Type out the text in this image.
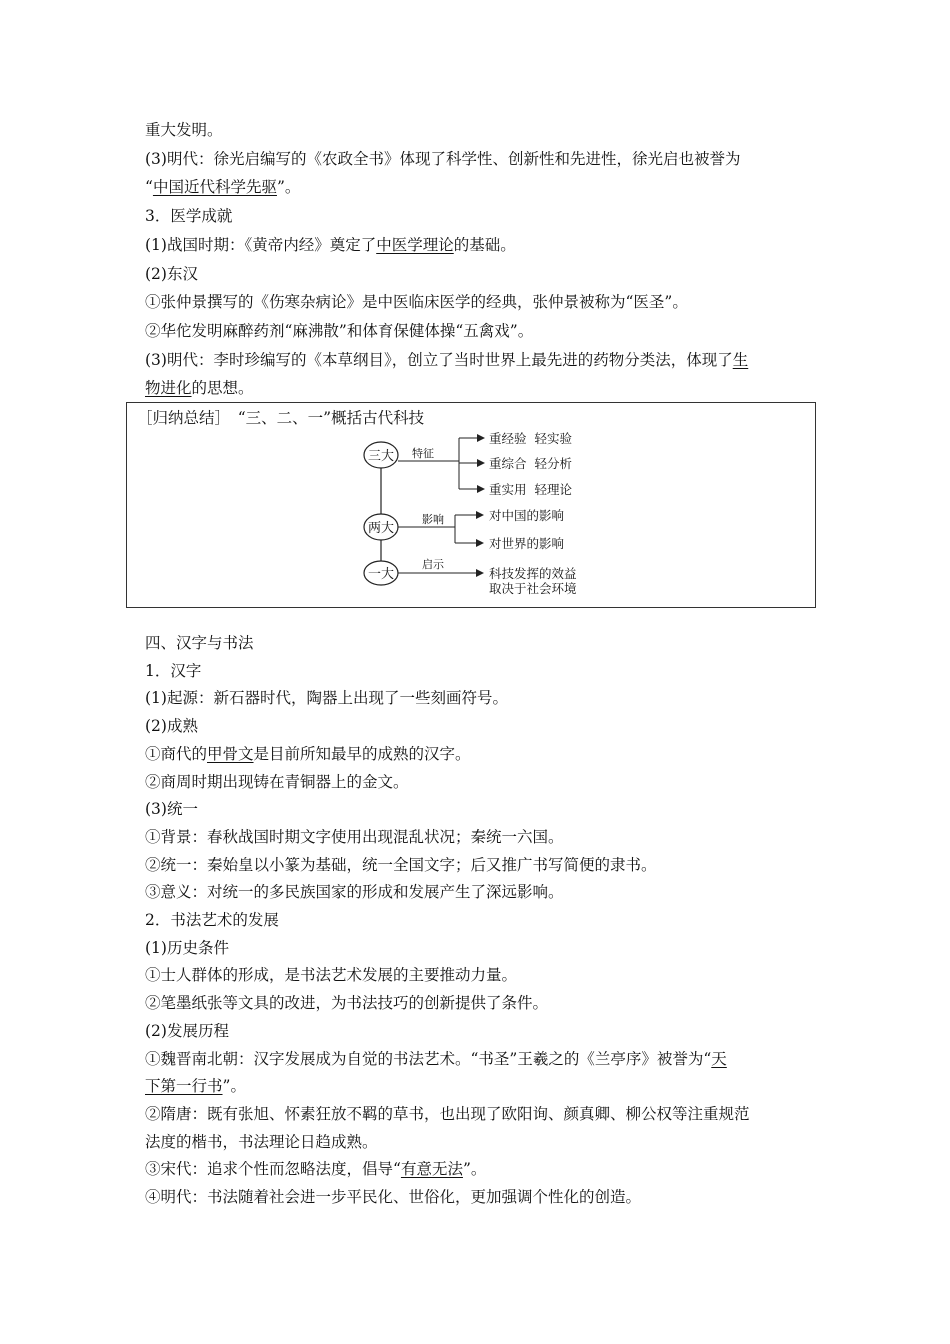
重大发明。
(3)明代：徐光启编写的《农政全书》体现了科学性、创新性和先进性，徐光启也被誉为
“中国近代科学先驱”。
3．医学成就
(1)战国时期：《黄帝内经》奠定了中医学理论的基础。
(2)东汉
①张仲景撰写的《伤寒杂病论》是中医临床医学的经典，张仲景被称为“医圣”。
②华佗发明麻醉药剂“麻沸散”和体育保健体操“五禽戏”。
(3)明代：李时珍编写的《本草纲目》，创立了当时世界上最先进的药物分类法，体现了生
物进化的思想。
［归纳总结］　“三、二、一”概括古代科技
三大
两大
一大
特征
重经验  轻实验
重综合  轻分析
重实用  轻理论
影响	对中国的影响
对世界的影响
启示
科技发挥的效益
取决于社会环境
四、汉字与书法
1．汉字
(1)起源：新石器时代，陶器上出现了一些刻画符号。
(2)成熟
①商代的甲骨文是目前所知最早的成熟的汉字。
②商周时期出现铸在青铜器上的金文。
(3)统一
①背景：春秋战国时期文字使用出现混乱状况；秦统一六国。
②统一：秦始皇以小篆为基础，统一全国文字；后又推广书写简便的隶书。
③意义：对统一的多民族国家的形成和发展产生了深远影响。
2．书法艺术的发展
(1)历史条件
①士人群体的形成，是书法艺术发展的主要推动力量。
②笔墨纸张等文具的改进，为书法技巧的创新提供了条件。
(2)发展历程
①魏晋南北朝：汉字发展成为自觉的书法艺术。“书圣”王羲之的《兰亭序》被誉为“天
下第一行书”。
②隋唐：既有张旭、怀素狂放不羁的草书，也出现了欧阳询、颜真卿、柳公权等注重规范
法度的楷书，书法理论日趋成熟。
③宋代：追求个性而忽略法度，倡导“有意无法”。
④明代：书法随着社会进一步平民化、世俗化，更加强调个性化的创造。
